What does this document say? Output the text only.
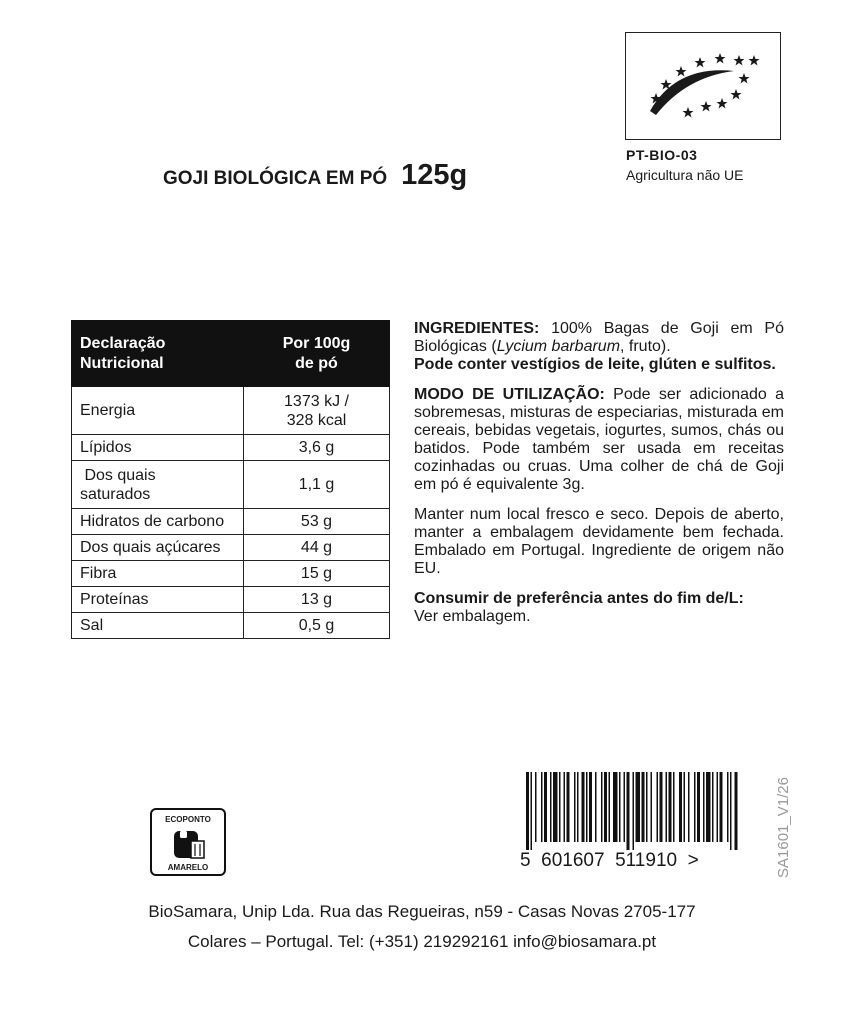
PT-BIO-03
Agricultura não UE
GOJI BIOLÓGICA EM PÓ 125g
Declaração
Nutricional	Por 100g
de pó
Energia	1373 kJ /
328 kcal
Lípidos	3,6 g
Dos quais
saturados	1,1 g
Hidratos de carbono	53 g
Dos quais açúcares	44 g
Fibra	15 g
Proteínas	13 g
Sal	0,5 g

INGREDIENTES: 100% Bagas de Goji em Pó Biológicas (Lycium barbarum, fruto).
Pode conter vestígios de leite, glúten e sulfitos.

MODO DE UTILIZAÇÃO: Pode ser adicionado a sobremesas, misturas de especiarias, misturada em cereais, bebidas vegetais, iogurtes, sumos, chás ou batidos. Pode também ser usada em receitas cozinhadas ou cruas. Uma colher de chá de Goji em pó é equivalente 3g.

Manter num local fresco e seco. Depois de aberto, manter a embalagem devidamente bem fechada. Embalado em Portugal. Ingrediente de origem não EU.

Consumir de preferência antes do fim de/L:
Ver embalagem.

ECOPONTO
AMARELO	5  601607  511910  >	SA1601_V1/26
BioSamara, Unip Lda. Rua das Regueiras, n59 - Casas Novas 2705-177
Colares – Portugal. Tel: (+351) 219292161 info@biosamara.pt
